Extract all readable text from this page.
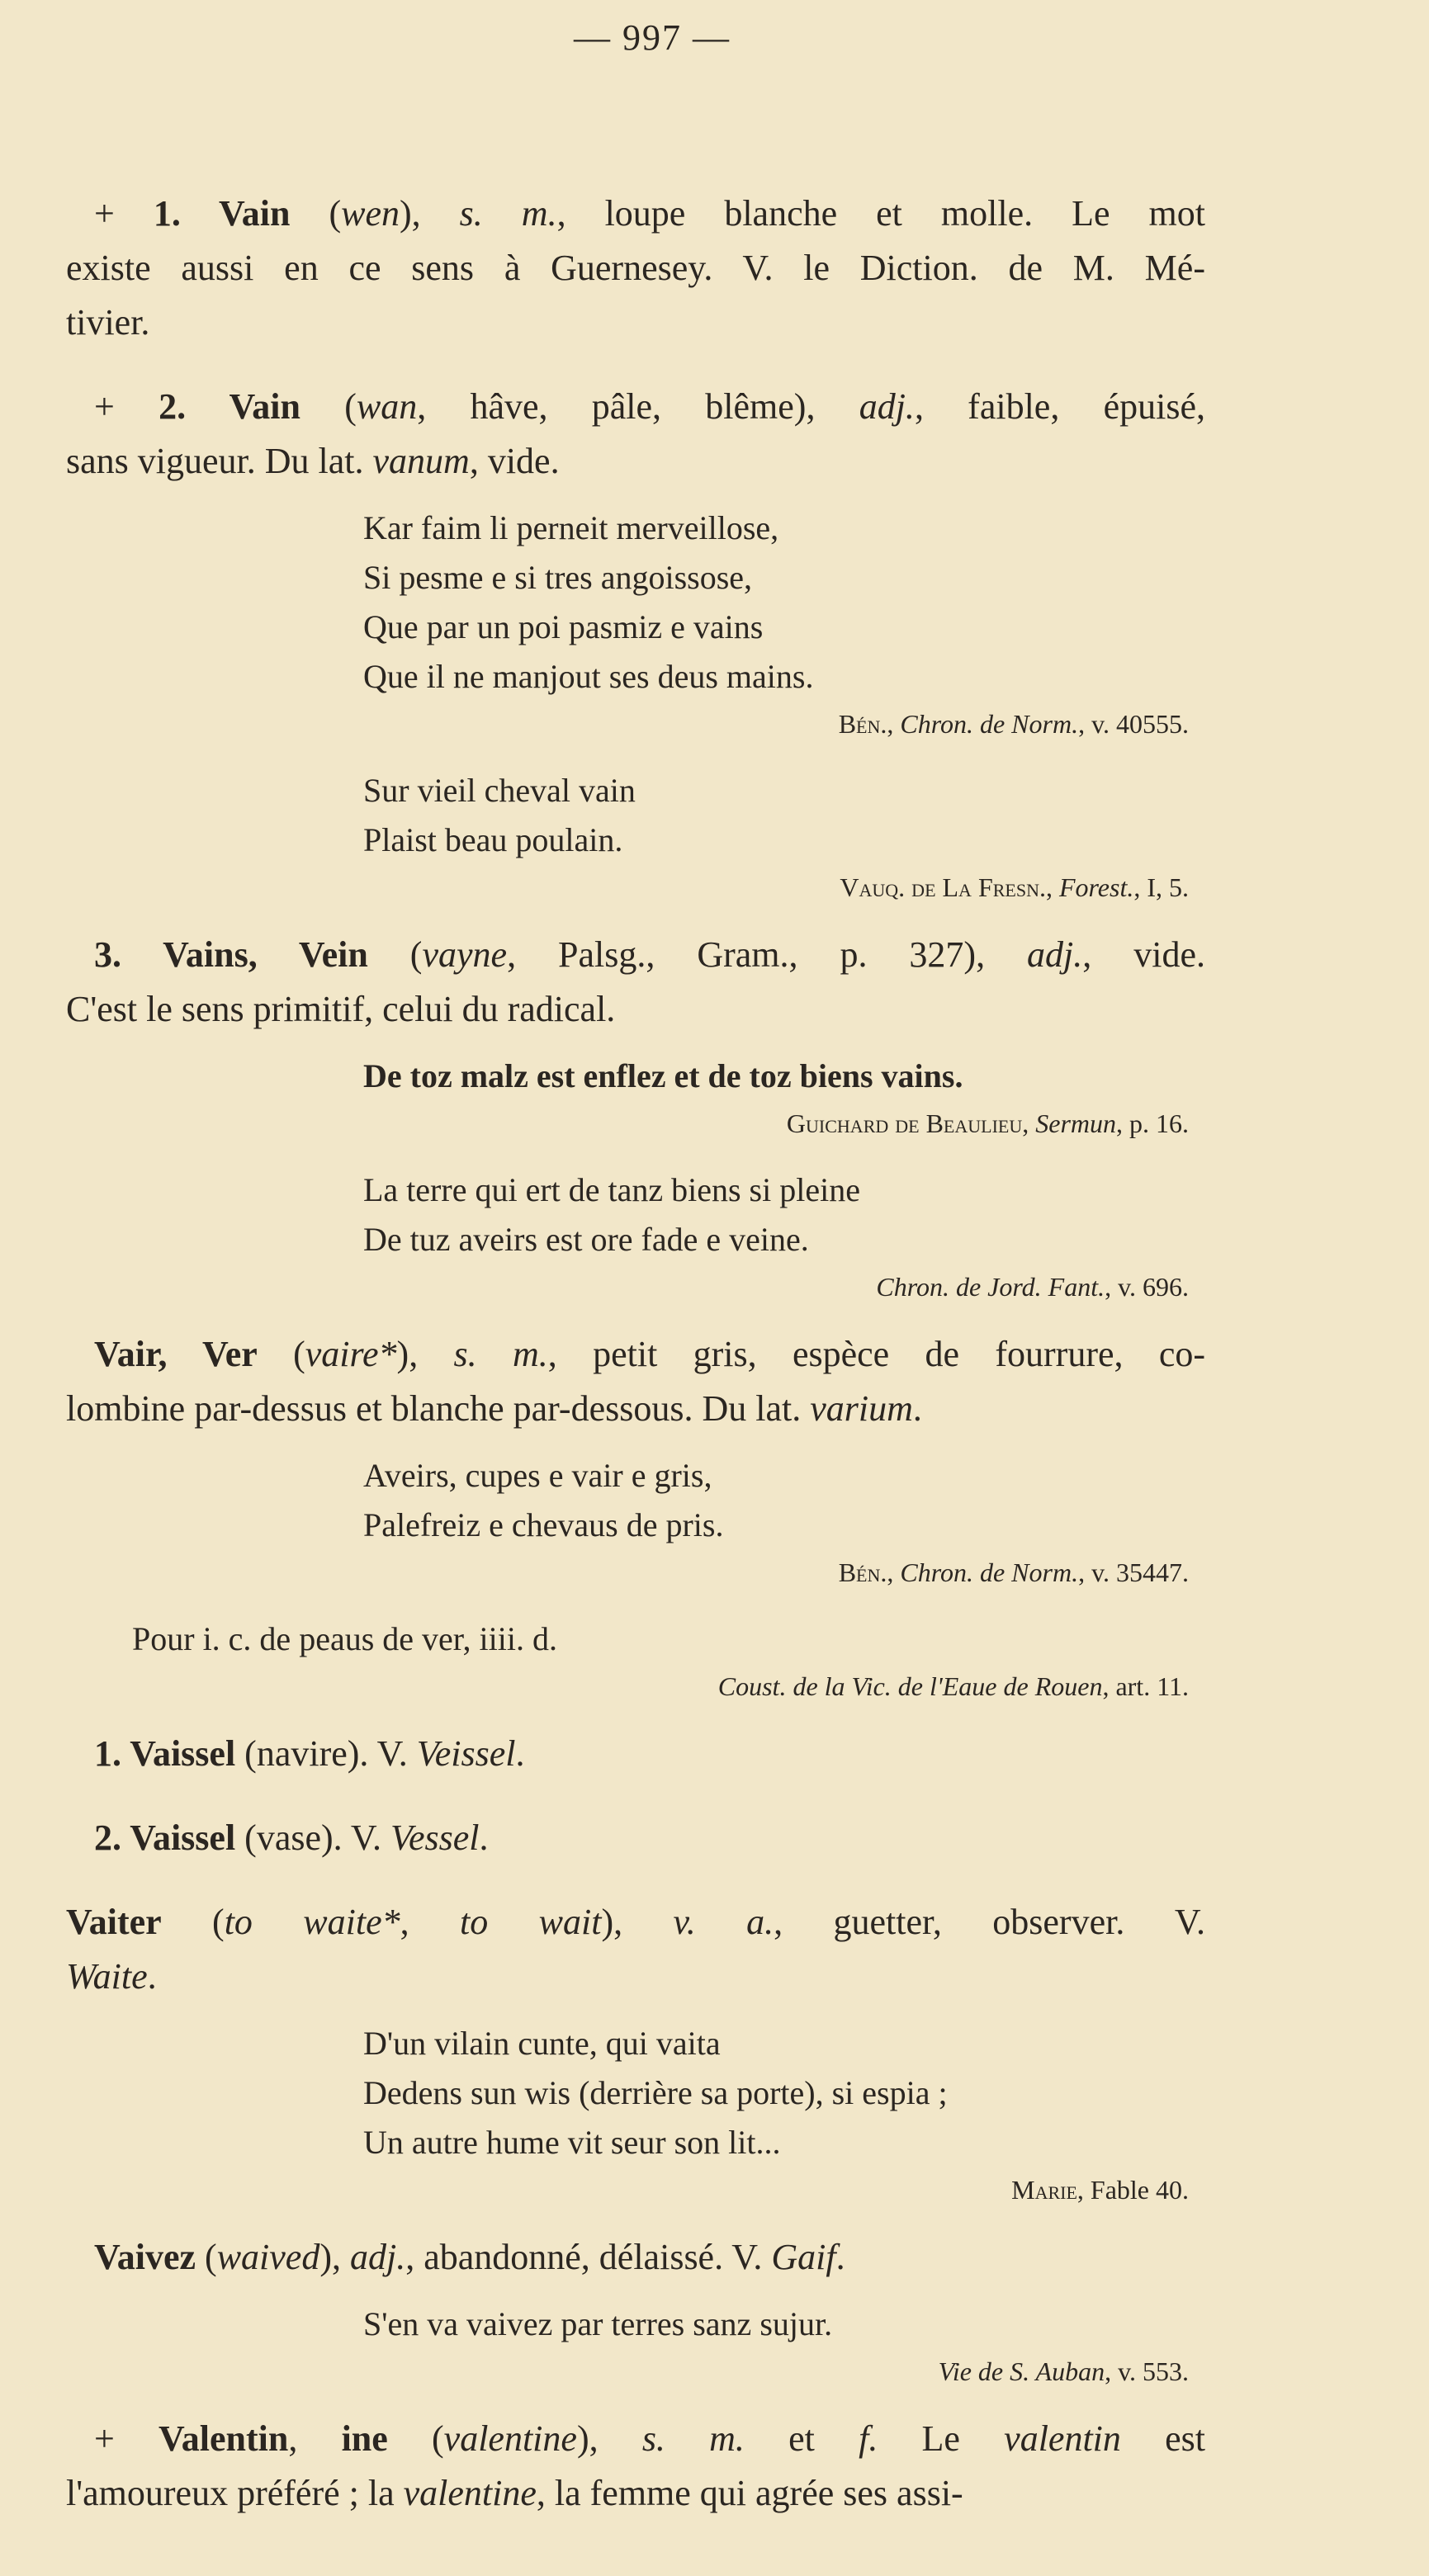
— 997 —
+ 1. Vain (wen), s. m., loupe blanche et molle. Le mot
existe aussi en ce sens à Guernesey. V. le Diction. de M. Mé-
tivier.
+ 2. Vain (wan, hâve, pâle, blême), adj., faible, épuisé,
sans vigueur. Du lat. vanum, vide.
Kar faim li perneit merveillose,
Si pesme e si tres angoissose,
Que par un poi pasmiz e vains
Que il ne manjout ses deus mains.
Bén., Chron. de Norm., v. 40555.
Sur vieil cheval vain
Plaist beau poulain.
Vauq. de La Fresn., Forest., I, 5.
3. Vains, Vein (vayne, Palsg., Gram., p. 327), adj., vide.
C'est le sens primitif, celui du radical.
De toz malz est enflez et de toz biens vains.
Guichard de Beaulieu, Sermun, p. 16.
La terre qui ert de tanz biens si pleine
De tuz aveirs est ore fade e veine.
Chron. de Jord. Fant., v. 696.
Vair, Ver (vaire*), s. m., petit gris, espèce de fourrure, co-
lombine par-dessus et blanche par-dessous. Du lat. varium.
Aveirs, cupes e vair e gris,
Palefreiz e chevaus de pris.
Bén., Chron. de Norm., v. 35447.
Pour i. c. de peaus de ver, iiii. d.
Coust. de la Vic. de l'Eaue de Rouen, art. 11.
1. Vaissel (navire). V. Veissel.
2. Vaissel (vase). V. Vessel.
Vaiter (to waite*, to wait), v. a., guetter, observer. V.
Waite.
D'un vilain cunte, qui vaita
Dedens sun wis (derrière sa porte), si espia ;
Un autre hume vit seur son lit...
Marie, Fable 40.
Vaivez (waived), adj., abandonné, délaissé. V. Gaif.
S'en va vaivez par terres sanz sujur.
Vie de S. Auban, v. 553.
+ Valentin, ine (valentine), s. m. et f. Le valentin est
l'amoureux préféré ; la valentine, la femme qui agrée ses assi-
